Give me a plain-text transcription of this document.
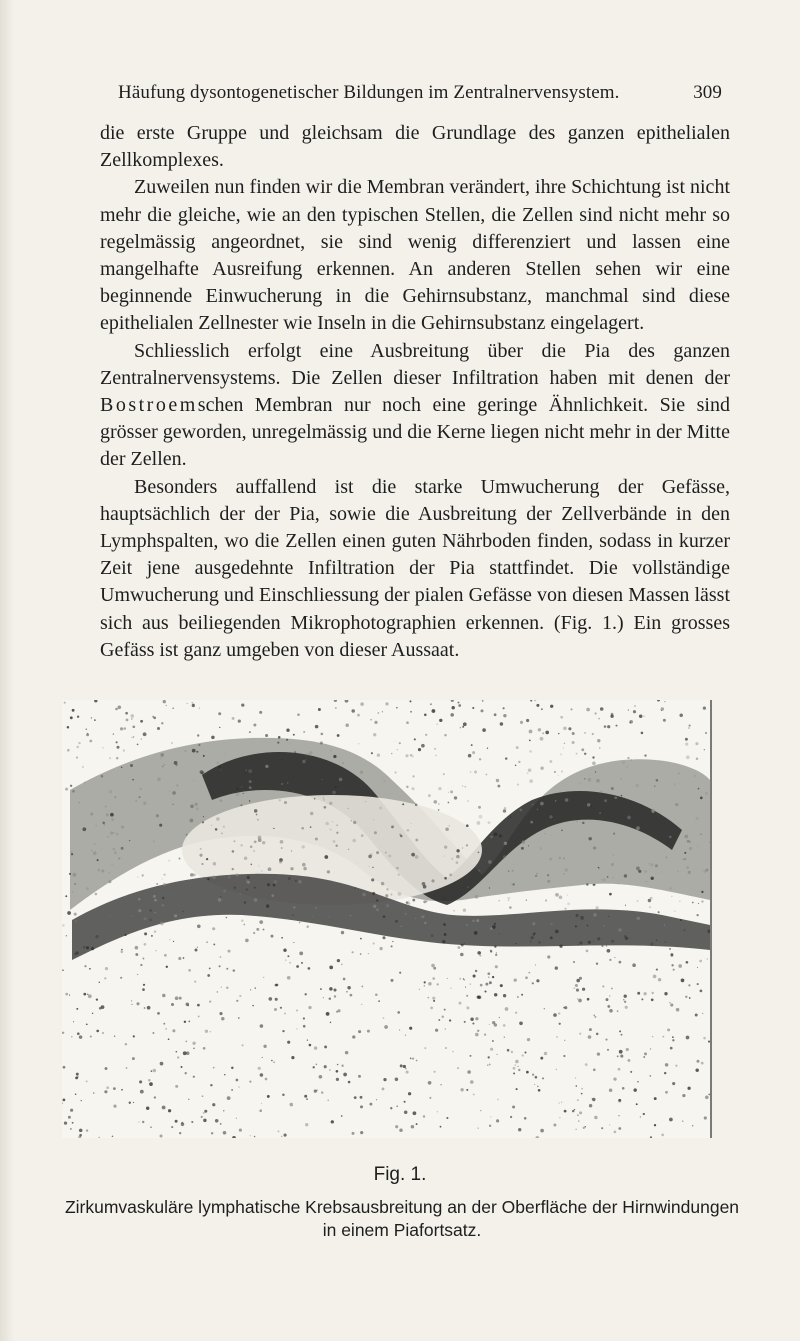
Häufung dysontogenetischer Bildungen im Zentralnervensystem.	309

die erste Gruppe und gleichsam die Grundlage des ganzen epithelialen Zellkomplexes.

Zuweilen nun finden wir die Membran verändert, ihre Schichtung ist nicht mehr die gleiche, wie an den typischen Stellen, die Zellen sind nicht mehr so regelmässig angeordnet, sie sind wenig differenziert und lassen eine mangelhafte Ausreifung erkennen. An anderen Stellen sehen wir eine beginnende Einwucherung in die Gehirnsubstanz, manchmal sind diese epithelialen Zellnester wie Inseln in die Gehirnsubstanz eingelagert.

Schliesslich erfolgt eine Ausbreitung über die Pia des ganzen Zentralnervensystems. Die Zellen dieser Infiltration haben mit denen der Bostroemschen Membran nur noch eine geringe Ähnlichkeit. Sie sind grösser geworden, unregelmässig und die Kerne liegen nicht mehr in der Mitte der Zellen.

Besonders auffallend ist die starke Umwucherung der Gefässe, hauptsächlich der der Pia, sowie die Ausbreitung der Zellverbände in den Lymphspalten, wo die Zellen einen guten Nährboden finden, sodass in kurzer Zeit jene ausgedehnte Infiltration der Pia stattfindet. Die vollständige Umwucherung und Einschliessung der pialen Gefässe von diesen Massen lässt sich aus beiliegenden Mikrophotographien erkennen. (Fig. 1.) Ein grosses Gefäss ist ganz umgeben von dieser Aussaat.

Fig. 1.
Zirkumvaskuläre lymphatische Krebsausbreitung an der Oberfläche der Hirnwindungen
in einem Piafortsatz.
